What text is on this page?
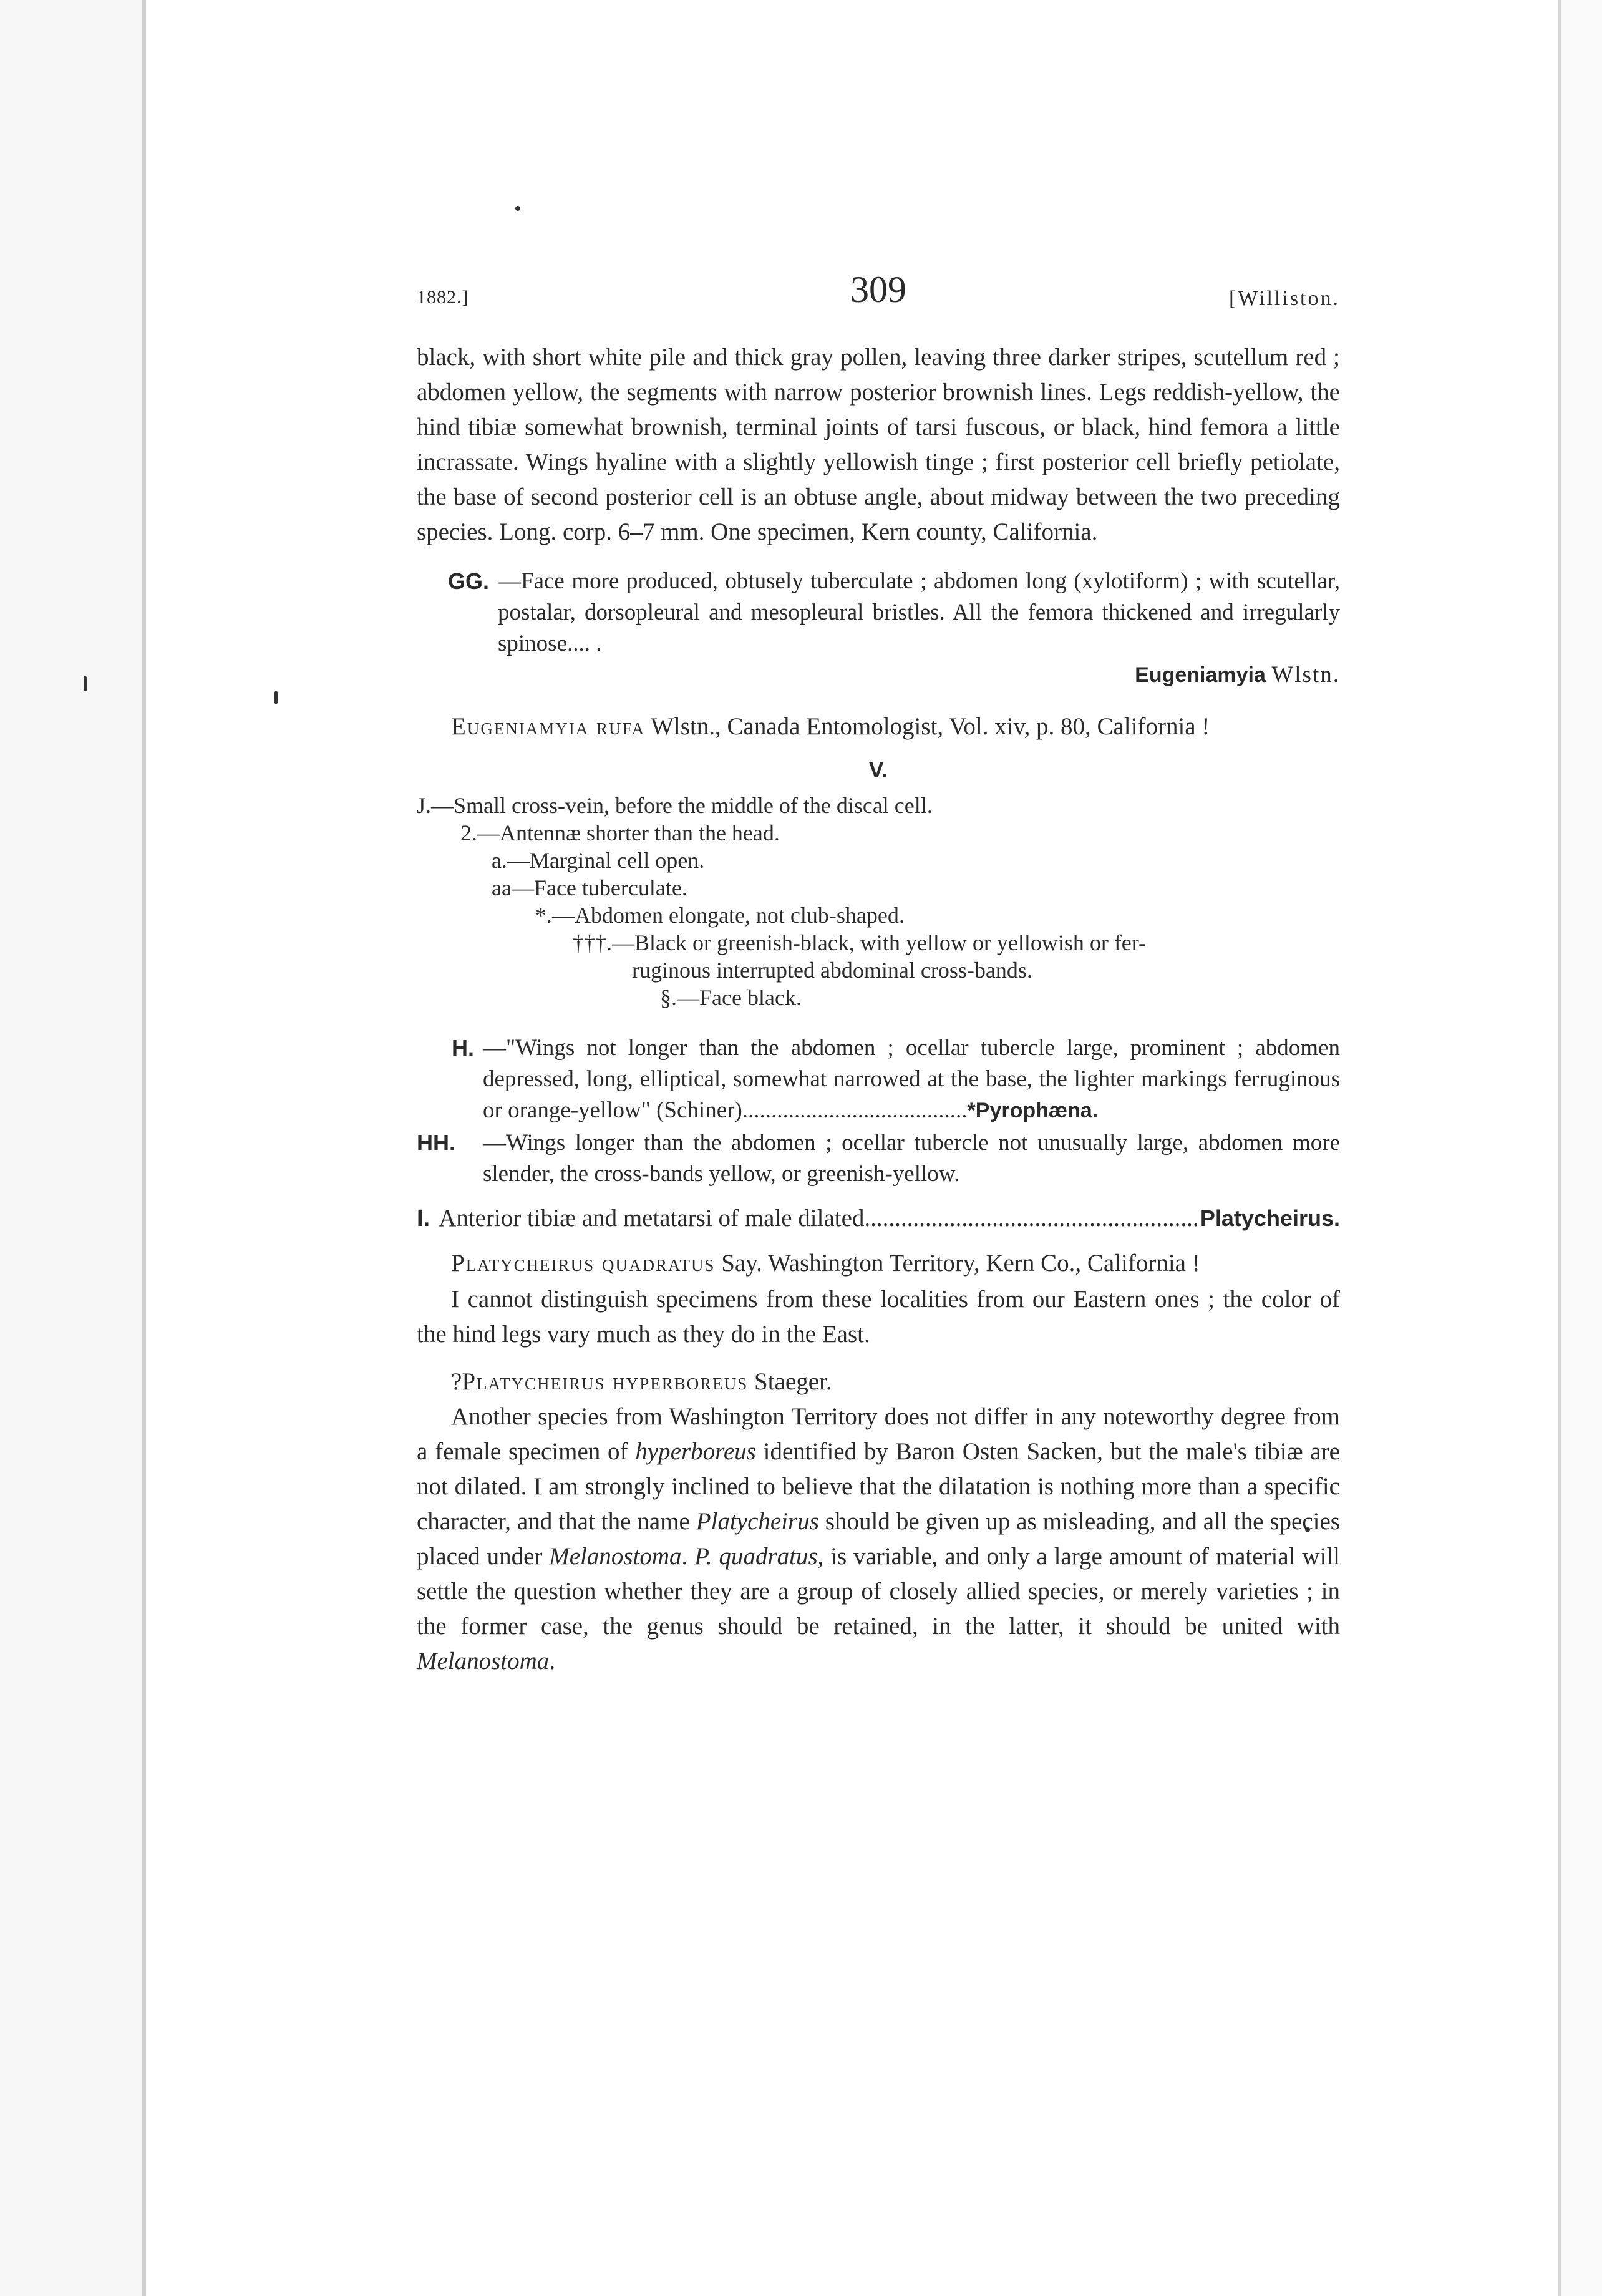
1882.]	309	[Williston.

black, with short white pile and thick gray pollen, leaving three darker stripes, scutellum red ; abdomen yellow, the segments with narrow posterior brownish lines. Legs reddish-yellow, the hind tibiæ somewhat brownish, terminal joints of tarsi fuscous, or black, hind femora a little incrassate. Wings hyaline with a slightly yellowish tinge ; first posterior cell briefly petiolate, the base of second posterior cell is an obtuse angle, about midway between the two preceding species. Long. corp. 6–7 mm. One specimen, Kern county, California.

GG. —Face more produced, obtusely tuberculate ; abdomen long (xylotiform) ; with scutellar, postalar, dorsopleural and mesopleural bristles. All the femora thickened and irregularly spinose.... .
Eugeniamyia Wlstn.

Eugeniamyia rufa Wlstn., Canada Entomologist, Vol. xiv, p. 80, California !

V.
J.—Small cross-vein, before the middle of the discal cell.
2.—Antennæ shorter than the head.
a.—Marginal cell open.
aa—Face tuberculate.
*.—Abdomen elongate, not club-shaped.
†††.—Black or greenish-black, with yellow or yellowish or fer-
ruginous interrupted abdominal cross-bands.
§.—Face black.
H. —"Wings not longer than the abdomen ; ocellar tubercle large, prominent ; abdomen depressed, long, elliptical, somewhat narrowed at the base, the lighter markings ferruginous or orange-yellow" (Schiner).......................................*Pyrophæna.
HH.	—Wings longer than the abdomen ; ocellar tubercle not unusually large, abdomen more slender, the cross-bands yellow, or greenish-yellow.
I. Anterior tibiæ and metatarsi of male dilated
.....	Platycheirus.

Platycheirus quadratus Say. Washington Territory, Kern Co., California !

I cannot distinguish specimens from these localities from our Eastern ones ; the color of the hind legs vary much as they do in the East.

?Platycheirus hyperboreus Staeger.

Another species from Washington Territory does not differ in any noteworthy degree from a female specimen of hyperboreus identified by Baron Osten Sacken, but the male's tibiæ are not dilated. I am strongly inclined to believe that the dilatation is nothing more than a specific character, and that the name Platycheirus should be given up as misleading, and all the species placed under Melanostoma. P. quadratus, is variable, and only a large amount of material will settle the question whether they are a group of closely allied species, or merely varieties ; in the former case, the genus should be retained, in the latter, it should be united with Melanostoma.
